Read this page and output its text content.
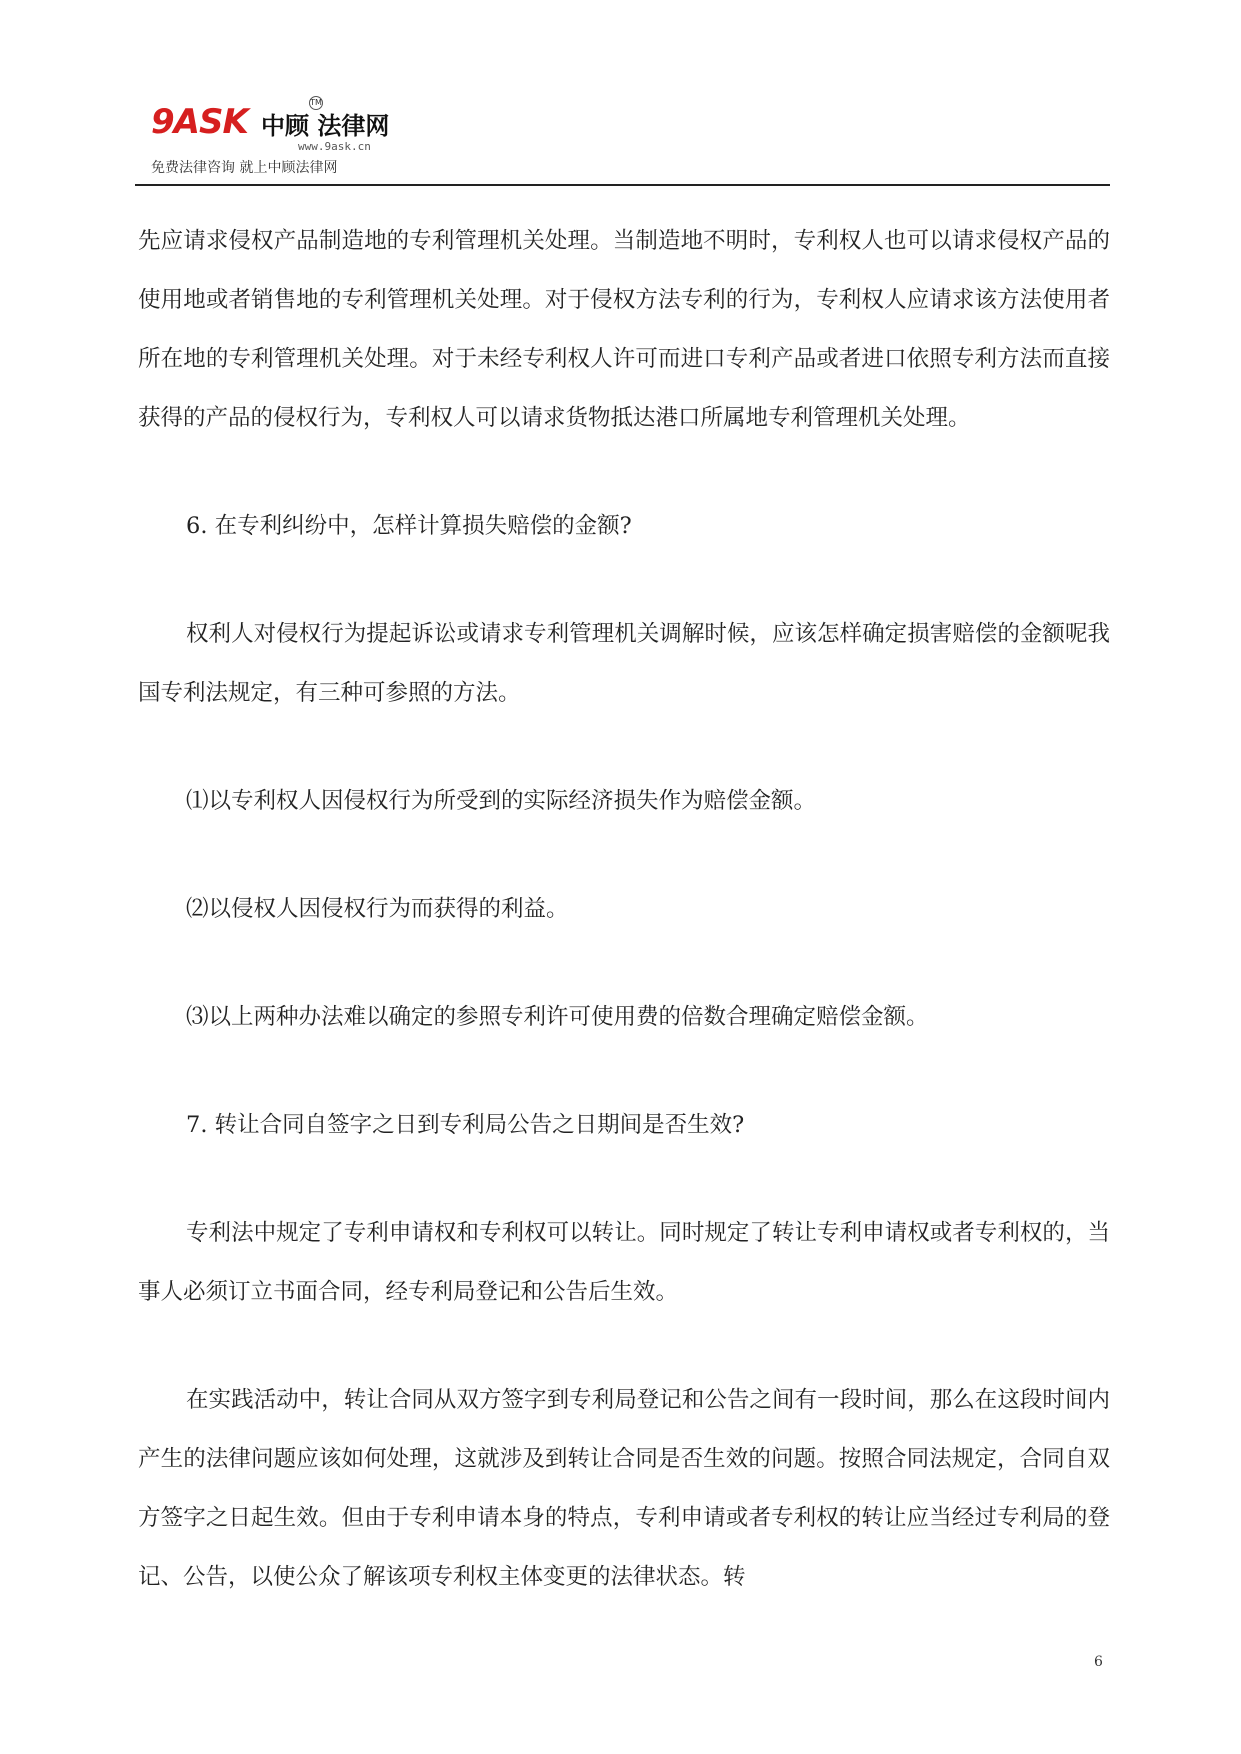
9ASK 中顾 法律网
TM
www.9ask.cn
免费法律咨询 就上中顾法律网

先应请求侵权产品制造地的专利管理机关处理。当制造地不明时，专利权人也可以请求侵权产品的使用地或者销售地的专利管理机关处理。对于侵权方法专利的行为，专利权人应请求该方法使用者所在地的专利管理机关处理。对于未经专利权人许可而进口专利产品或者进口依照专利方法而直接获得的产品的侵权行为，专利权人可以请求货物抵达港口所属地专利管理机关处理。

6. 在专利纠纷中，怎样计算损失赔偿的金额?

权利人对侵权行为提起诉讼或请求专利管理机关调解时候，应该怎样确定损害赔偿的金额呢我国专利法规定，有三种可参照的方法。

⑴以专利权人因侵权行为所受到的实际经济损失作为赔偿金额。

⑵以侵权人因侵权行为而获得的利益。

⑶以上两种办法难以确定的参照专利许可使用费的倍数合理确定赔偿金额。

7. 转让合同自签字之日到专利局公告之日期间是否生效?

专利法中规定了专利申请权和专利权可以转让。同时规定了转让专利申请权或者专利权的，当事人必须订立书面合同，经专利局登记和公告后生效。

在实践活动中，转让合同从双方签字到专利局登记和公告之间有一段时间，那么在这段时间内产生的法律问题应该如何处理，这就涉及到转让合同是否生效的问题。按照合同法规定，合同自双方签字之日起生效。但由于专利申请本身的特点，专利申请或者专利权的转让应当经过专利局的登记、公告，以使公众了解该项专利权主体变更的法律状态。转

6
